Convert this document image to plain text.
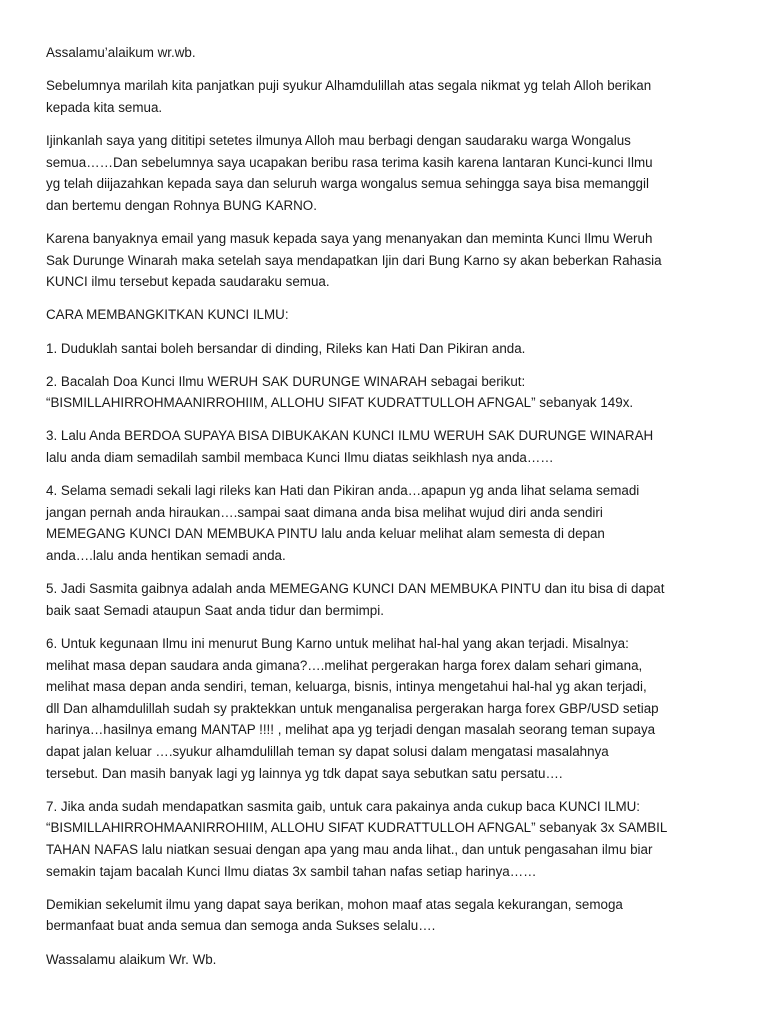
Assalamu’alaikum wr.wb.

Sebelumnya marilah kita panjatkan puji syukur Alhamdulillah atas segala nikmat yg telah Alloh berikan
kepada kita semua.

Ijinkanlah saya yang dititipi setetes ilmunya Alloh mau berbagi dengan saudaraku warga Wongalus
semua……Dan sebelumnya saya ucapakan beribu rasa terima kasih karena lantaran Kunci-kunci Ilmu
yg telah diijazahkan kepada saya dan seluruh warga wongalus semua sehingga saya bisa memanggil
dan bertemu dengan Rohnya BUNG KARNO.

Karena banyaknya email yang masuk kepada saya yang menanyakan dan meminta Kunci Ilmu Weruh
Sak Durunge Winarah maka setelah saya mendapatkan Ijin dari Bung Karno sy akan beberkan Rahasia
KUNCI ilmu tersebut kepada saudaraku semua.

CARA MEMBANGKITKAN KUNCI ILMU:

1. Duduklah santai boleh bersandar di dinding, Rileks kan Hati Dan Pikiran anda.

2. Bacalah Doa Kunci Ilmu WERUH SAK DURUNGE WINARAH sebagai berikut:
“BISMILLAHIRROHMAANIRROHIIM, ALLOHU SIFAT KUDRATTULLOH AFNGAL” sebanyak 149x.

3. Lalu Anda BERDOA SUPAYA BISA DIBUKAKAN KUNCI ILMU WERUH SAK DURUNGE WINARAH
lalu anda diam semadilah sambil membaca Kunci Ilmu diatas seikhlash nya anda……

4. Selama semadi sekali lagi rileks kan Hati dan Pikiran anda…apapun yg anda lihat selama semadi
jangan pernah anda hiraukan….sampai saat dimana anda bisa melihat wujud diri anda sendiri
MEMEGANG KUNCI DAN MEMBUKA PINTU lalu anda keluar melihat alam semesta di depan
anda….lalu anda hentikan semadi anda.

5. Jadi Sasmita gaibnya adalah anda MEMEGANG KUNCI DAN MEMBUKA PINTU dan itu bisa di dapat
baik saat Semadi ataupun Saat anda tidur dan bermimpi.

6. Untuk kegunaan Ilmu ini menurut Bung Karno untuk melihat hal-hal yang akan terjadi. Misalnya:
melihat masa depan saudara anda gimana?….melihat pergerakan harga forex dalam sehari gimana,
melihat masa depan anda sendiri, teman, keluarga, bisnis, intinya mengetahui hal-hal yg akan terjadi,
dll Dan alhamdulillah sudah sy praktekkan untuk menganalisa pergerakan harga forex GBP/USD setiap
harinya…hasilnya emang MANTAP !!!! , melihat apa yg terjadi dengan masalah seorang teman supaya
dapat jalan keluar ….syukur alhamdulillah teman sy dapat solusi dalam mengatasi masalahnya
tersebut. Dan masih banyak lagi yg lainnya yg tdk dapat saya sebutkan satu persatu….

7. Jika anda sudah mendapatkan sasmita gaib, untuk cara pakainya anda cukup baca KUNCI ILMU:
“BISMILLAHIRROHMAANIRROHIIM, ALLOHU SIFAT KUDRATTULLOH AFNGAL” sebanyak 3x SAMBIL
TAHAN NAFAS lalu niatkan sesuai dengan apa yang mau anda lihat., dan untuk pengasahan ilmu biar
semakin tajam bacalah Kunci Ilmu diatas 3x sambil tahan nafas setiap harinya……

Demikian sekelumit ilmu yang dapat saya berikan, mohon maaf atas segala kekurangan, semoga
bermanfaat buat anda semua dan semoga anda Sukses selalu….

Wassalamu alaikum Wr. Wb.
